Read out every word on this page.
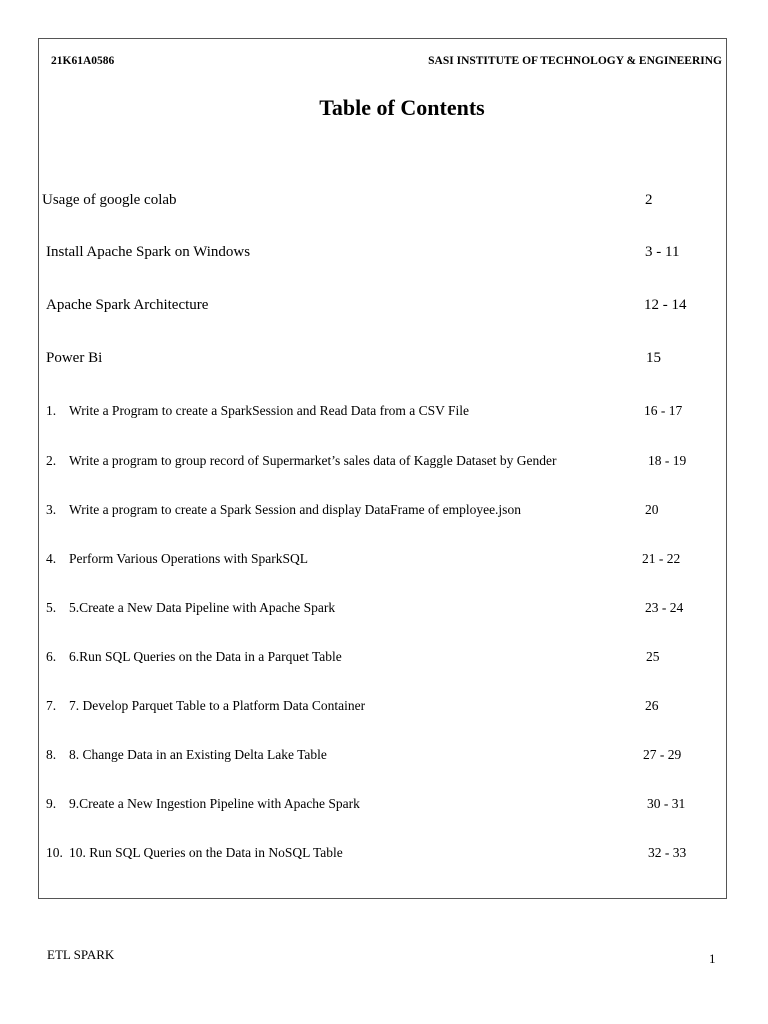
21K61A0586	SASI INSTITUTE OF TECHNOLOGY & ENGINEERING
Table of Contents
Usage of google colab	2
Install Apache Spark on Windows	3 - 11
Apache Spark Architecture	12 - 14
Power Bi	15
1. Write a Program to create a SparkSession and Read Data from a CSV File	16 - 17
2. Write a program to group record of Supermarket’s sales data of Kaggle Dataset by Gender	18 - 19
3. Write a program to create a Spark Session and display DataFrame of employee.json	20
4. Perform Various Operations with SparkSQL	21 - 22
5. 5.Create a New Data Pipeline with Apache Spark	23 - 24
6. 6.Run SQL Queries on the Data in a Parquet Table	25
7. 7. Develop Parquet Table to a Platform Data Container	26
8. 8. Change Data in an Existing Delta Lake Table	27 - 29
9. 9.Create a New Ingestion Pipeline with Apache Spark	30 - 31
10. 10. Run SQL Queries on the Data in NoSQL Table	32 - 33
ETL SPARK	1
